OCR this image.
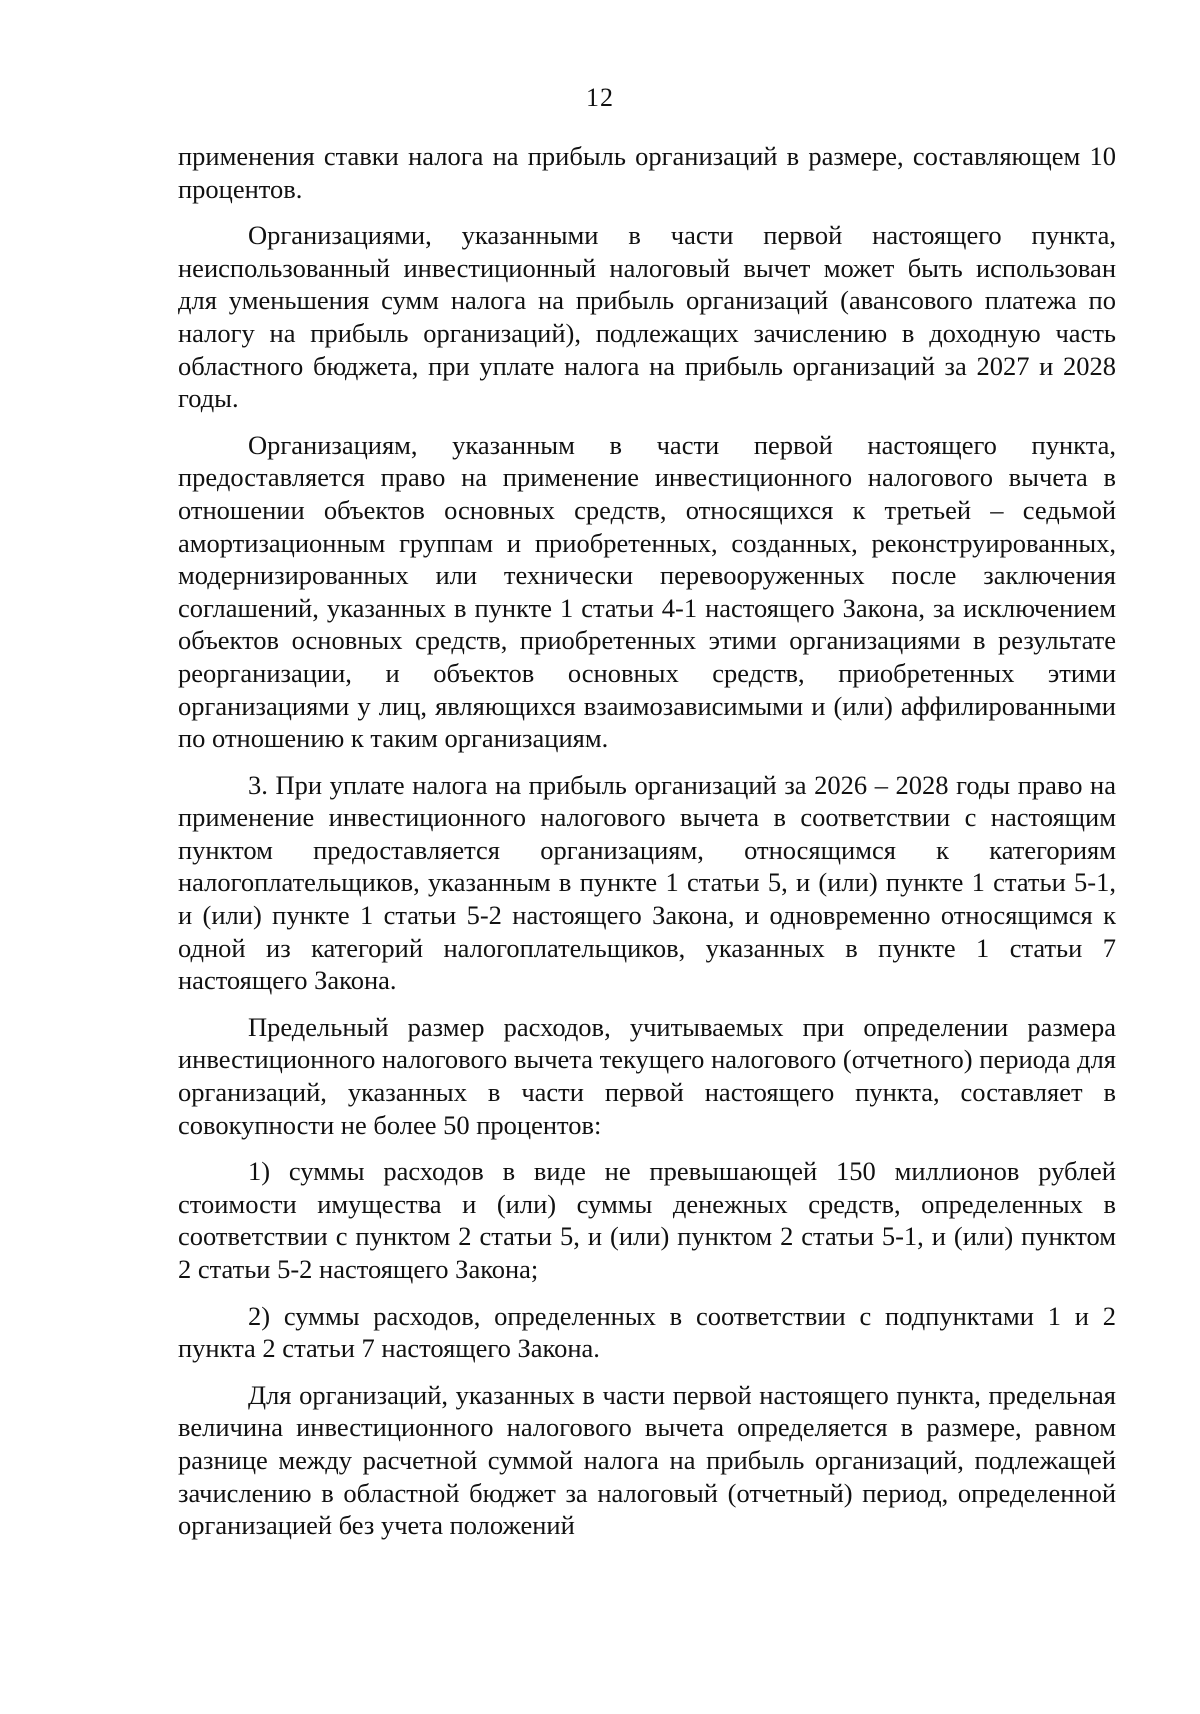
12

применения ставки налога на прибыль организаций в размере, составляющем 10 процентов.

Организациями, указанными в части первой настоящего пункта, неиспользованный инвестиционный налоговый вычет может быть использован для уменьшения сумм налога на прибыль организаций (авансового платежа по налогу на прибыль организаций), подлежащих зачислению в доходную часть областного бюджета, при уплате налога на прибыль организаций за 2027 и 2028 годы.

Организациям, указанным в части первой настоящего пункта, предоставляется право на применение инвестиционного налогового вычета в отношении объектов основных средств, относящихся к третьей – седьмой амортизационным группам и приобретенных, созданных, реконструированных, модернизированных или технически перевооруженных после заключения соглашений, указанных в пункте 1 статьи 4-1 настоящего Закона, за исключением объектов основных средств, приобретенных этими организациями в результате реорганизации, и объектов основных средств, приобретенных этими организациями у лиц, являющихся взаимозависимыми и (или) аффилированными по отношению к таким организациям.

3. При уплате налога на прибыль организаций за 2026 – 2028 годы право на применение инвестиционного налогового вычета в соответствии с настоящим пунктом предоставляется организациям, относящимся к категориям налогоплательщиков, указанным в пункте 1 статьи 5, и (или) пункте 1 статьи 5-1, и (или) пункте 1 статьи 5-2 настоящего Закона, и одновременно относящимся к одной из категорий налогоплательщиков, указанных в пункте 1 статьи 7 настоящего Закона.

Предельный размер расходов, учитываемых при определении размера инвестиционного налогового вычета текущего налогового (отчетного) периода для организаций, указанных в части первой настоящего пункта, составляет в совокупности не более 50 процентов:

1) суммы расходов в виде не превышающей 150 миллионов рублей стоимости имущества и (или) суммы денежных средств, определенных в соответствии с пунктом 2 статьи 5, и (или) пунктом 2 статьи 5-1, и (или) пунктом 2 статьи 5-2 настоящего Закона;

2) суммы расходов, определенных в соответствии с подпунктами 1 и 2 пункта 2 статьи 7 настоящего Закона.

Для организаций, указанных в части первой настоящего пункта, предельная величина инвестиционного налогового вычета определяется в размере, равном разнице между расчетной суммой налога на прибыль организаций, подлежащей зачислению в областной бюджет за налоговый (отчетный) период, определенной организацией без учета положений
